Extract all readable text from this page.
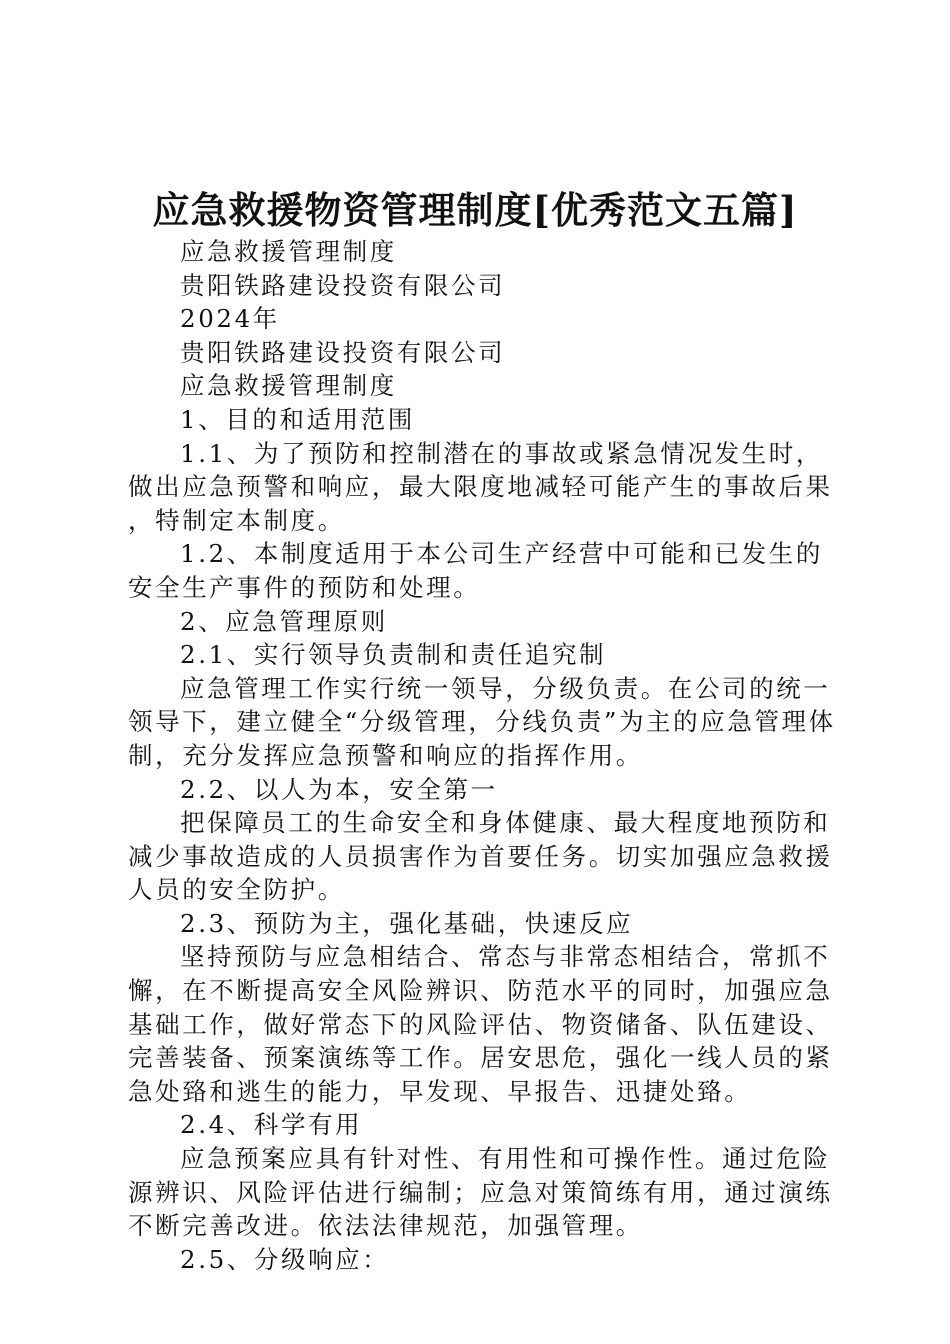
应急救援物资管理制度[优秀范文五篇]

应急救援管理制度

贵阳铁路建设投资有限公司

2024年

贵阳铁路建设投资有限公司

应急救援管理制度

1、目的和适用范围

1.1、为了预防和控制潜在的事故或紧急情况发生时，做出应急预警和响应，最大限度地减轻可能产生的事故后果，特制定本制度。

1.2、本制度适用于本公司生产经营中可能和已发生的安全生产事件的预防和处理。

2、应急管理原则

2.1、实行领导负责制和责任追究制

应急管理工作实行统一领导，分级负责。在公司的统一领导下，建立健全“分级管理，分线负责”为主的应急管理体制，充分发挥应急预警和响应的指挥作用。

2.2、以人为本，安全第一

把保障员工的生命安全和身体健康、最大程度地预防和减少事故造成的人员损害作为首要任务。切实加强应急救援人员的安全防护。

2.3、预防为主，强化基础，快速反应

坚持预防与应急相结合、常态与非常态相结合，常抓不懈，在不断提高安全风险辨识、防范水平的同时，加强应急基础工作，做好常态下的风险评估、物资储备、队伍建设、完善装备、预案演练等工作。居安思危，强化一线人员的紧急处臵和逃生的能力，早发现、早报告、迅捷处臵。

2.4、科学有用

应急预案应具有针对性、有用性和可操作性。通过危险源辨识、风险评估进行编制；应急对策简练有用，通过演练不断完善改进。依法法律规范，加强管理。

2.5、分级响应：
